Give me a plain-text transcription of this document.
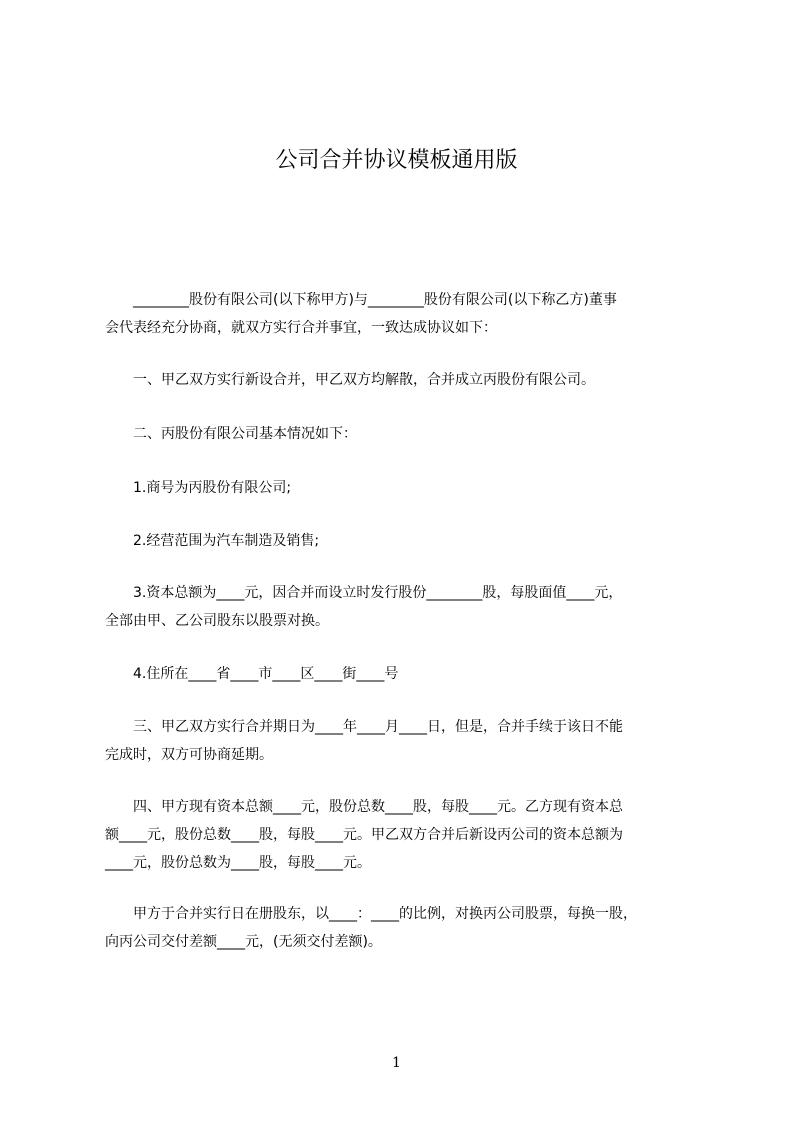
公司合并协议模板通用版
　　________股份有限公司(以下称甲方)与________股份有限公司(以下称乙方)董事
会代表经充分协商，就双方实行合并事宜，一致达成协议如下：
　　一、甲乙双方实行新设合并，甲乙双方均解散，合并成立丙股份有限公司。
　　二、丙股份有限公司基本情况如下：
　　1.商号为丙股份有限公司;
　　2.经营范围为汽车制造及销售;
　　3.资本总额为____元，因合并而设立时发行股份________股，每股面值____元，
全部由甲、乙公司股东以股票对换。
　　4.住所在____省____市____区____街____号
　　三、甲乙双方实行合并期日为____年____月____日，但是，合并手续于该日不能
完成时，双方可协商延期。
　　四、甲方现有资本总额____元，股份总数____股，每股____元。乙方现有资本总
额____元，股份总数____股，每股____元。甲乙双方合并后新设丙公司的资本总额为
____元，股份总数为____股，每股____元。
　　甲方于合并实行日在册股东，以____：____的比例，对换丙公司股票，每换一股，
向丙公司交付差额____元，(无须交付差额)。
1
